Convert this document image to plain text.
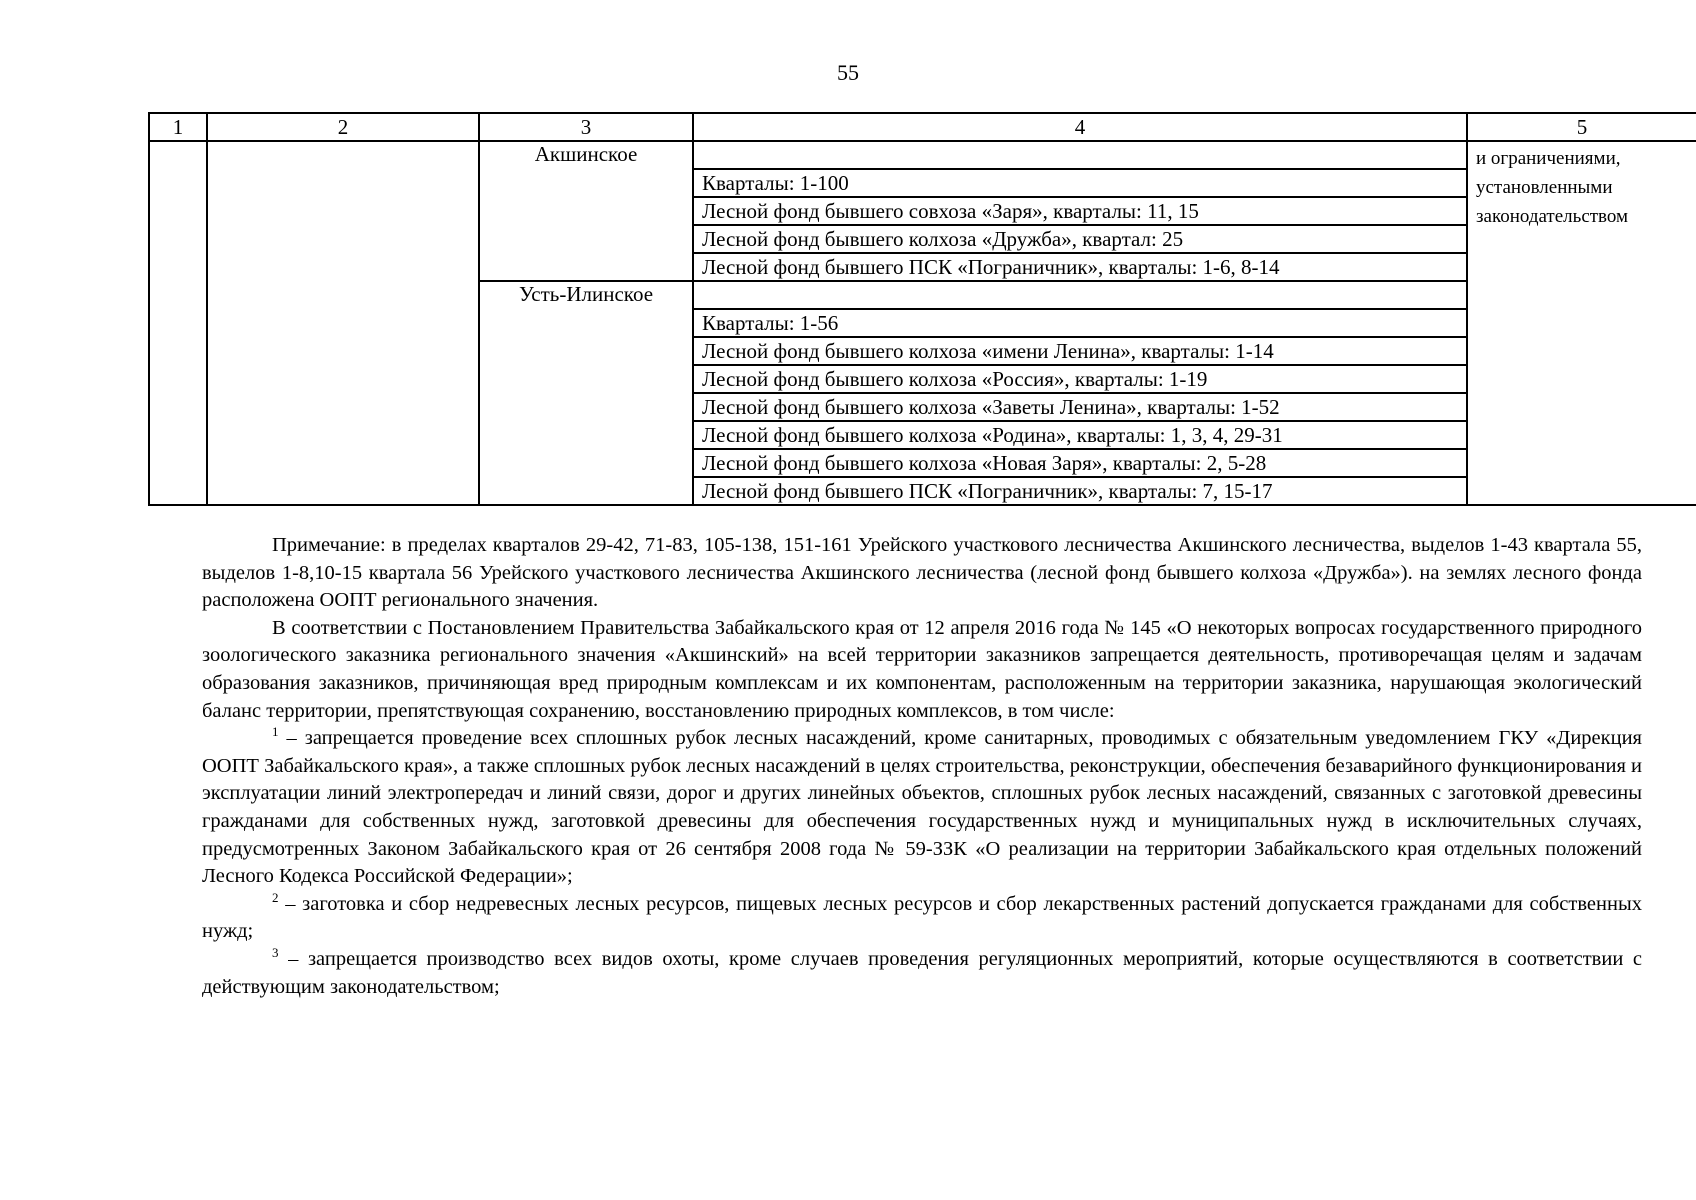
55
1	2	3	4	5
		Акшинское		и ограничениями, установленными законодательством
			Кварталы: 1-100	
			Лесной фонд бывшего совхоза «Заря», кварталы: 11, 15	
			Лесной фонд бывшего колхоза «Дружба», квартал: 25	
			Лесной фонд бывшего ПСК «Пограничник», кварталы: 1-6, 8-14	
		Усть-Илинское		
			Кварталы: 1-56	
			Лесной фонд бывшего колхоза «имени Ленина», кварталы: 1-14	
			Лесной фонд бывшего колхоза «Россия», кварталы: 1-19	
			Лесной фонд бывшего колхоза «Заветы Ленина», кварталы: 1-52	
			Лесной фонд бывшего колхоза «Родина», кварталы: 1, 3, 4, 29-31	
			Лесной фонд бывшего колхоза «Новая Заря», кварталы: 2, 5-28	
			Лесной фонд бывшего ПСК «Пограничник», кварталы: 7, 15-17	

Примечание: в пределах кварталов 29-42, 71-83, 105-138, 151-161 Урейского участкового лесничества Акшинского лесничества, выделов 1-43 квартала 55, выделов 1-8,10-15 квартала 56 Урейского участкового лесничества Акшинского лесничества (лесной фонд бывшего колхоза «Дружба»). на землях лесного фонда расположена ООПТ регионального значения.

В соответствии с Постановлением Правительства Забайкальского края от 12 апреля 2016 года № 145 «О некоторых вопросах государственного природного зоологического заказника регионального значения «Акшинский» на всей территории заказников запрещается деятельность, противоречащая целям и задачам образования заказников, причиняющая вред природным комплексам и их компонентам, расположенным на территории заказника, нарушающая экологический баланс территории, препятствующая сохранению, восстановлению природных комплексов, в том числе:

$^1$ – запрещается проведение всех сплошных рубок лесных насаждений, кроме санитарных, проводимых с обязательным уведомлением ГКУ «Дирекция ООПТ Забайкальского края», а также сплошных рубок лесных насаждений в целях строительства, реконструкции, обеспечения безаварийного функционирования и эксплуатации линий электропередач и линий связи, дорог и других линейных объектов, сплошных рубок лесных насаждений, связанных с заготовкой древесины гражданами для собственных нужд, заготовкой древесины для обеспечения государственных нужд и муниципальных нужд в исключительных случаях, предусмотренных Законом Забайкальского края от 26 сентября 2008 года № 59-ЗЗК «О реализации на территории Забайкальского края отдельных положений Лесного Кодекса Российской Федерации»;

$^2$ – заготовка и сбор недревесных лесных ресурсов, пищевых лесных ресурсов и сбор лекарственных растений допускается гражданами для собственных нужд;

$^3$ – запрещается производство всех видов охоты, кроме случаев проведения регуляционных мероприятий, которые осуществляются в соответствии с действующим законодательством;
